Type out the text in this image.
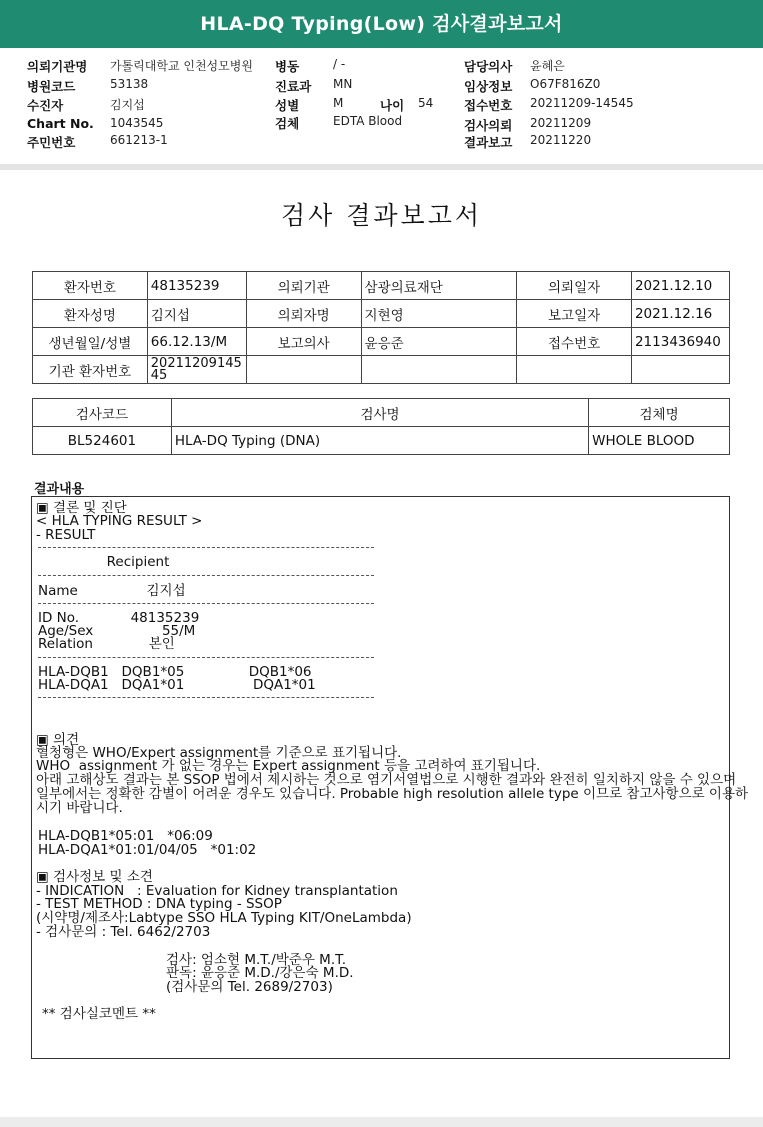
HLA-DQ Typing(Low) 검사결과보고서
의뢰기관명 가톨릭대학교 인천성모병원
병원코드	53138
수진자	김지섭
Chart No. 1043545
주민번호	661213-1
병동	/ -
진료과 MN
성별	M	나이 54
검체	EDTA Blood
담당의사 윤혜은
임상정보 O67F816Z0
접수번호 20211209-14545
검사의뢰 20211209
결과보고 20211220
검사 결과보고서
환자번호	48135239	의뢰기관	삼광의료재단	의뢰일자	2021.12.10
환자성명	김지섭	의뢰자명	지현영	보고일자	2021.12.16
생년월일/성별	66.12.13/M	보고의사	윤응준	접수번호	2113436940
기관 환자번호	20211209145
45				
검사코드	검사명	검체명
BL524601	HLA-DQ Typing (DNA)	WHOLE BLOOD
결과내용
▣ 결론 및 진단
< HLA TYPING RESULT >
- RESULT
Recipient
Name                김지섭
ID No.            48135239
Age/Sex                55/M
Relation             본인
HLA-DQB1   DQB1*05               DQB1*06
HLA-DQA1   DQA1*01                DQA1*01
▣ 의견
혈청형은 WHO/Expert assignment를 기준으로 표기됩니다.
WHO  assignment 가 없는 경우는 Expert assignment 등을 고려하여 표기됩니다.
아래 고해상도 결과는 본 SSOP 법에서 제시하는 것으로 염기서열법으로 시행한 결과와 완전히 일치하지 않을 수 있으며
일부에서는 정확한 감별이 어려운 경우도 있습니다. Probable high resolution allele type 이므로 참고사항으로 이용하
시기 바랍니다.
HLA-DQB1*05:01   *06:09
HLA-DQA1*01:01/04/05   *01:02
▣ 검사정보 및 소견
- INDICATION   : Evaluation for Kidney transplantation
- TEST METHOD : DNA typing - SSOP
(시약명/제조사:Labtype SSO HLA Typing KIT/OneLambda)
- 검사문의 : Tel. 6462/2703
검사: 엄소현 M.T./박준우 M.T.
판독: 윤응준 M.D./강은숙 M.D.
(검사문의 Tel. 2689/2703)
** 검사실코멘트 **
